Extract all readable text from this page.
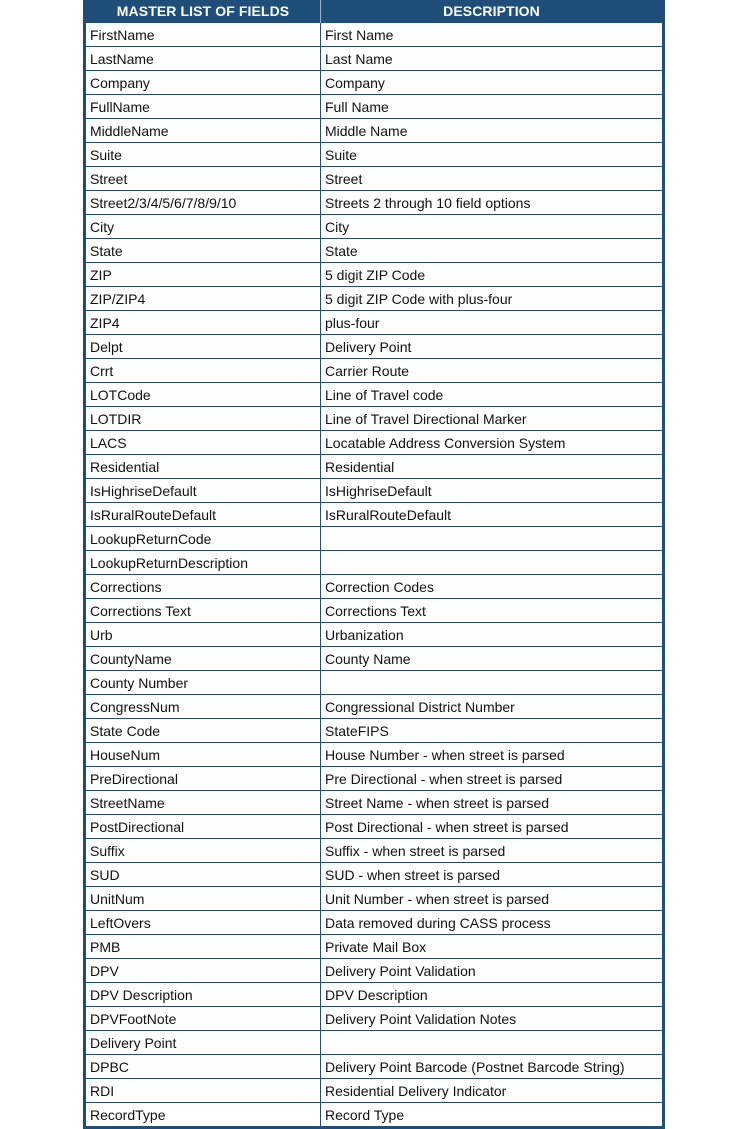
MASTER LIST OF FIELDS	DESCRIPTION
FirstName	First Name
LastName	Last Name
Company	Company
FullName	Full Name
MiddleName	Middle Name
Suite	Suite
Street	Street
Street2/3/4/5/6/7/8/9/10	Streets 2 through 10 field options
City	City
State	State
ZIP	5 digit ZIP Code
ZIP/ZIP4	5 digit ZIP Code with plus-four
ZIP4	plus-four
Delpt	Delivery Point
Crrt	Carrier Route
LOTCode	Line of Travel code
LOTDIR	Line of Travel Directional Marker
LACS	Locatable Address Conversion System
Residential	Residential
IsHighriseDefault	IsHighriseDefault
IsRuralRouteDefault	IsRuralRouteDefault
LookupReturnCode	
LookupReturnDescription	
Corrections	Correction Codes
Corrections Text	Corrections Text
Urb	Urbanization
CountyName	County Name
County Number	
CongressNum	Congressional District Number
State Code	StateFIPS
HouseNum	House Number - when street is parsed
PreDirectional	Pre Directional - when street is parsed
StreetName	Street Name - when street is parsed
PostDirectional	Post Directional - when street is parsed
Suffix	Suffix - when street is parsed
SUD	SUD - when street is parsed
UnitNum	Unit Number - when street is parsed
LeftOvers	Data removed during CASS process
PMB	Private Mail Box
DPV	Delivery Point Validation
DPV Description	DPV Description
DPVFootNote	Delivery Point Validation Notes
Delivery Point	
DPBC	Delivery Point Barcode (Postnet Barcode String)
RDI	Residential Delivery Indicator
RecordType	Record Type
